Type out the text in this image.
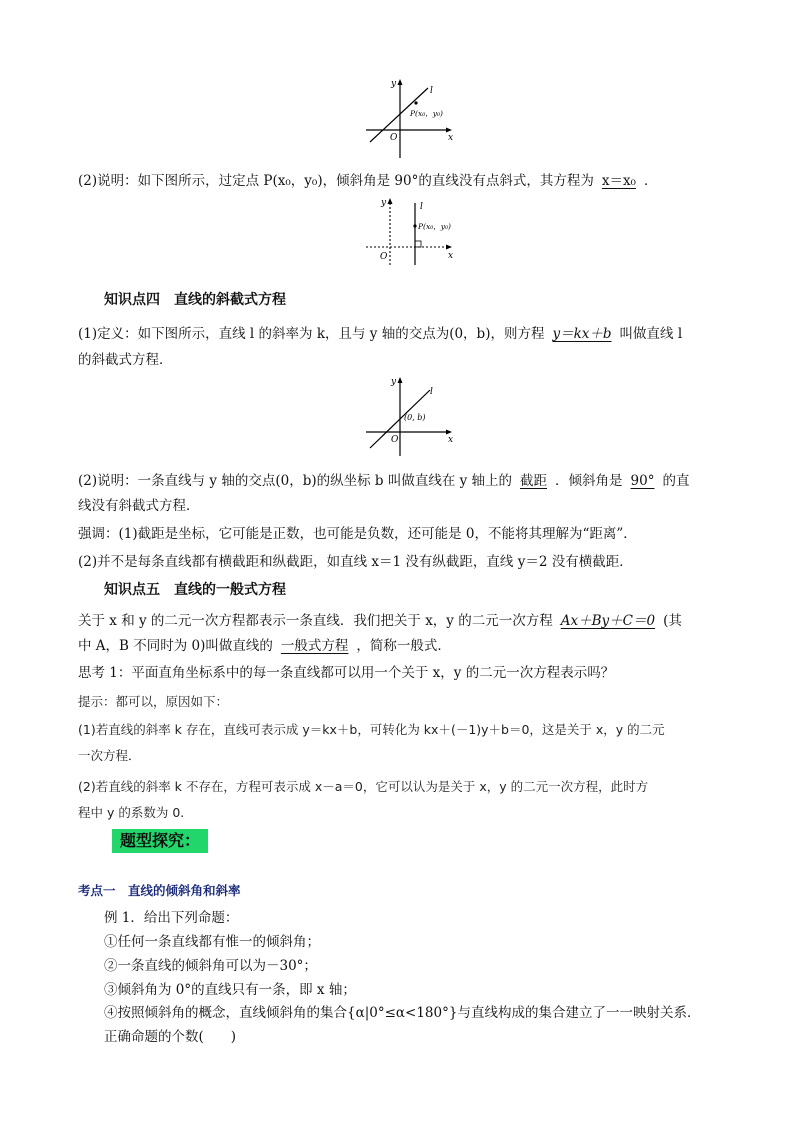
y
x
O
l
P(x₀，y₀)
(2)说明：如下图所示，过定点 P(x₀，y₀)，倾斜角是 90°的直线没有点斜式，其方程为 x＝x₀ ．
y
x
O
l
P(x₀，y₀)
知识点四　直线的斜截式方程
(1)定义：如下图所示，直线 l 的斜率为 k，且与 y 轴的交点为(0，b)，则方程 y＝kx＋b 叫做直线 l
的斜截式方程．
y
x
O
l
(0, b)
(2)说明：一条直线与 y 轴的交点(0，b)的纵坐标 b 叫做直线在 y 轴上的 截距 ．倾斜角是 90° 的直
线没有斜截式方程．
强调：(1)截距是坐标，它可能是正数，也可能是负数，还可能是 0，不能将其理解为“距离”．
(2)并不是每条直线都有横截距和纵截距，如直线 x＝1 没有纵截距，直线 y＝2 没有横截距．
知识点五　直线的一般式方程
关于 x 和 y 的二元一次方程都表示一条直线．我们把关于 x，y 的二元一次方程 Ax＋By＋C＝0 (其
中 A，B 不同时为 0)叫做直线的 一般式方程 ，简称一般式．
思考 1：平面直角坐标系中的每一条直线都可以用一个关于 x，y 的二元一次方程表示吗？
提示：都可以，原因如下：
(1)若直线的斜率 k 存在，直线可表示成 y＝kx＋b，可转化为 kx＋(－1)y＋b＝0，这是关于 x，y 的二元
一次方程．
(2)若直线的斜率 k 不存在，方程可表示成 x－a＝0，它可以认为是关于 x，y 的二元一次方程，此时方
程中 y 的系数为 0.
题型探究：
考点一　直线的倾斜角和斜率
例 1．给出下列命题：
①任何一条直线都有惟一的倾斜角；
②一条直线的倾斜角可以为－30°；
③倾斜角为 0°的直线只有一条，即 x 轴；
④按照倾斜角的概念，直线倾斜角的集合{α|0°≤α<180°}与直线构成的集合建立了一一映射关系．
正确命题的个数(　　)
